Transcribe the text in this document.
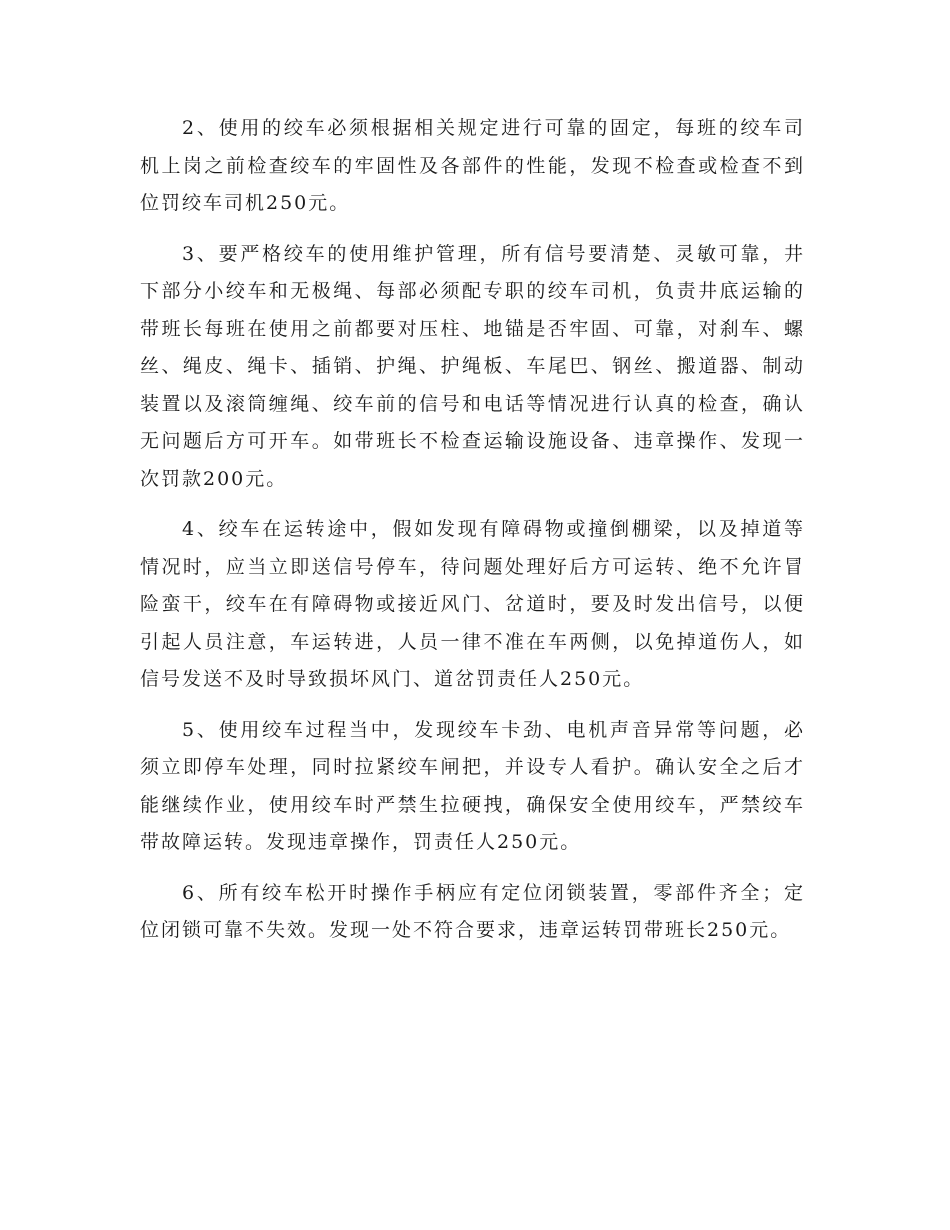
2、使用的绞车必须根据相关规定进行可靠的固定，每班的绞车司机上岗之前检查绞车的牢固性及各部件的性能，发现不检查或检查不到位罚绞车司机250元。

3、要严格绞车的使用维护管理，所有信号要清楚、灵敏可靠，井下部分小绞车和无极绳、每部必须配专职的绞车司机，负责井底运输的带班长每班在使用之前都要对压柱、地锚是否牢固、可靠，对刹车、螺丝、绳皮、绳卡、插销、护绳、护绳板、车尾巴、钢丝、搬道器、制动装置以及滚筒缠绳、绞车前的信号和电话等情况进行认真的检查，确认无问题后方可开车。如带班长不检查运输设施设备、违章操作、发现一次罚款200元。

4、绞车在运转途中，假如发现有障碍物或撞倒棚梁，以及掉道等情况时，应当立即送信号停车，待问题处理好后方可运转、绝不允许冒险蛮干，绞车在有障碍物或接近风门、岔道时，要及时发出信号，以便引起人员注意，车运转进，人员一律不准在车两侧，以免掉道伤人，如信号发送不及时导致损坏风门、道岔罚责任人250元。

5、使用绞车过程当中，发现绞车卡劲、电机声音异常等问题，必须立即停车处理，同时拉紧绞车闸把，并设专人看护。确认安全之后才能继续作业，使用绞车时严禁生拉硬拽，确保安全使用绞车，严禁绞车带故障运转。发现违章操作，罚责任人250元。

6、所有绞车松开时操作手柄应有定位闭锁装置，零部件齐全；定位闭锁可靠不失效。发现一处不符合要求，违章运转罚带班长250元。
